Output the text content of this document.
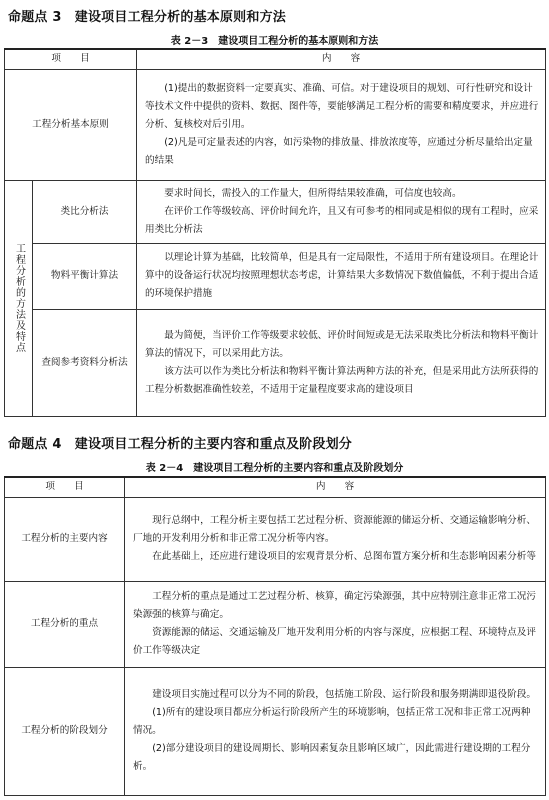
命题点 3　建设项目工程分析的基本原则和方法
表 2－3　建设项目工程分析的基本原则和方法
项　　目		内　　容
工程分析基本原则		(1)提出的数据资料一定要真实、准确、可信。对于建设项目的规划、可行性研究和设计等技术文件中提供的资料、数据、图件等，要能够满足工程分析的需要和精度要求，并应进行分析、复核校对后引用。

(2)凡是可定量表述的内容，如污染物的排放量、排放浓度等，应通过分析尽量给出定量的结果

工程分析的方法及特点	类比分析法	要求时间长，需投入的工作量大，但所得结果较准确，可信度也较高。

在评价工作等级较高、评价时间允许，且又有可参考的相同或是相似的现有工程时，应采用类比分析法

	物料平衡计算法	以理论计算为基础，比较简单，但是具有一定局限性，不适用于所有建设项目。在理论计算中的设备运行状况均按照理想状态考虑，计算结果大多数情况下数值偏低，不利于提出合适的环境保护措施

	查阅参考资料分析法	最为简便，当评价工作等级要求较低、评价时间短或是无法采取类比分析法和物料平衡计算法的情况下，可以采用此方法。

该方法可以作为类比分析法和物料平衡计算法两种方法的补充，但是采用此方法所获得的工程分析数据准确性较差，不适用于定量程度要求高的建设项目

命题点 4　建设项目工程分析的主要内容和重点及阶段划分
表 2－4　建设项目工程分析的主要内容和重点及阶段划分
项　　目	内　　容
工程分析的主要内容	现行总纲中，工程分析主要包括工艺过程分析、资源能源的储运分析、交通运输影响分析、厂地的开发利用分析和非正常工况分析等内容。

在此基础上，还应进行建设项目的宏观背景分析、总图布置方案分析和生态影响因素分析等

工程分析的重点	工程分析的重点是通过工艺过程分析、核算，确定污染源强，其中应特别注意非正常工况污染源强的核算与确定。

资源能源的储运、交通运输及厂地开发利用分析的内容与深度，应根据工程、环境特点及评价工作等级决定

工程分析的阶段划分	建设项目实施过程可以分为不同的阶段，包括施工阶段、运行阶段和服务期满即退役阶段。

(1)所有的建设项目都应分析运行阶段所产生的环境影响，包括正常工况和非正常工况两种情况。

(2)部分建设项目的建设周期长、影响因素复杂且影响区域广，因此需进行建设期的工程分析。
